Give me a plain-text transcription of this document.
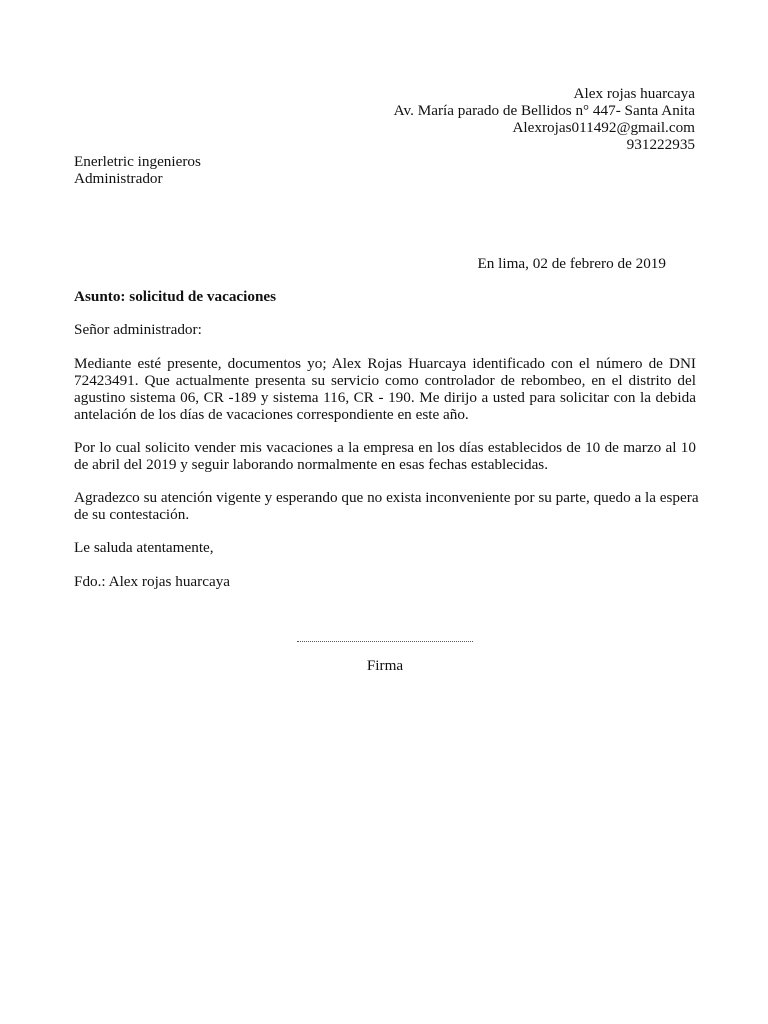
Alex rojas huarcaya
Av. María parado de Bellidos n° 447- Santa Anita
Alexrojas011492@gmail.com
931222935
Enerletric ingenieros
Administrador
En lima, 02 de febrero de 2019
Asunto: solicitud de vacaciones
Señor administrador:
Mediante esté presente, documentos yo; Alex Rojas Huarcaya identificado con el número de DNI
72423491. Que actualmente presenta su servicio como controlador de rebombeo, en el distrito del
agustino sistema 06, CR -189 y sistema 116, CR - 190. Me dirijo a usted para solicitar con la debida
antelación de los días de vacaciones correspondiente en este año.
Por lo cual solicito vender mis vacaciones a la empresa en los días establecidos de 10 de marzo al 10
de abril del 2019 y seguir laborando normalmente en esas fechas establecidas.
Agradezco su atención vigente y esperando que no exista inconveniente por su parte, quedo a la espera
de su contestación.
Le saluda atentamente,
Fdo.: Alex rojas huarcaya
Firma
